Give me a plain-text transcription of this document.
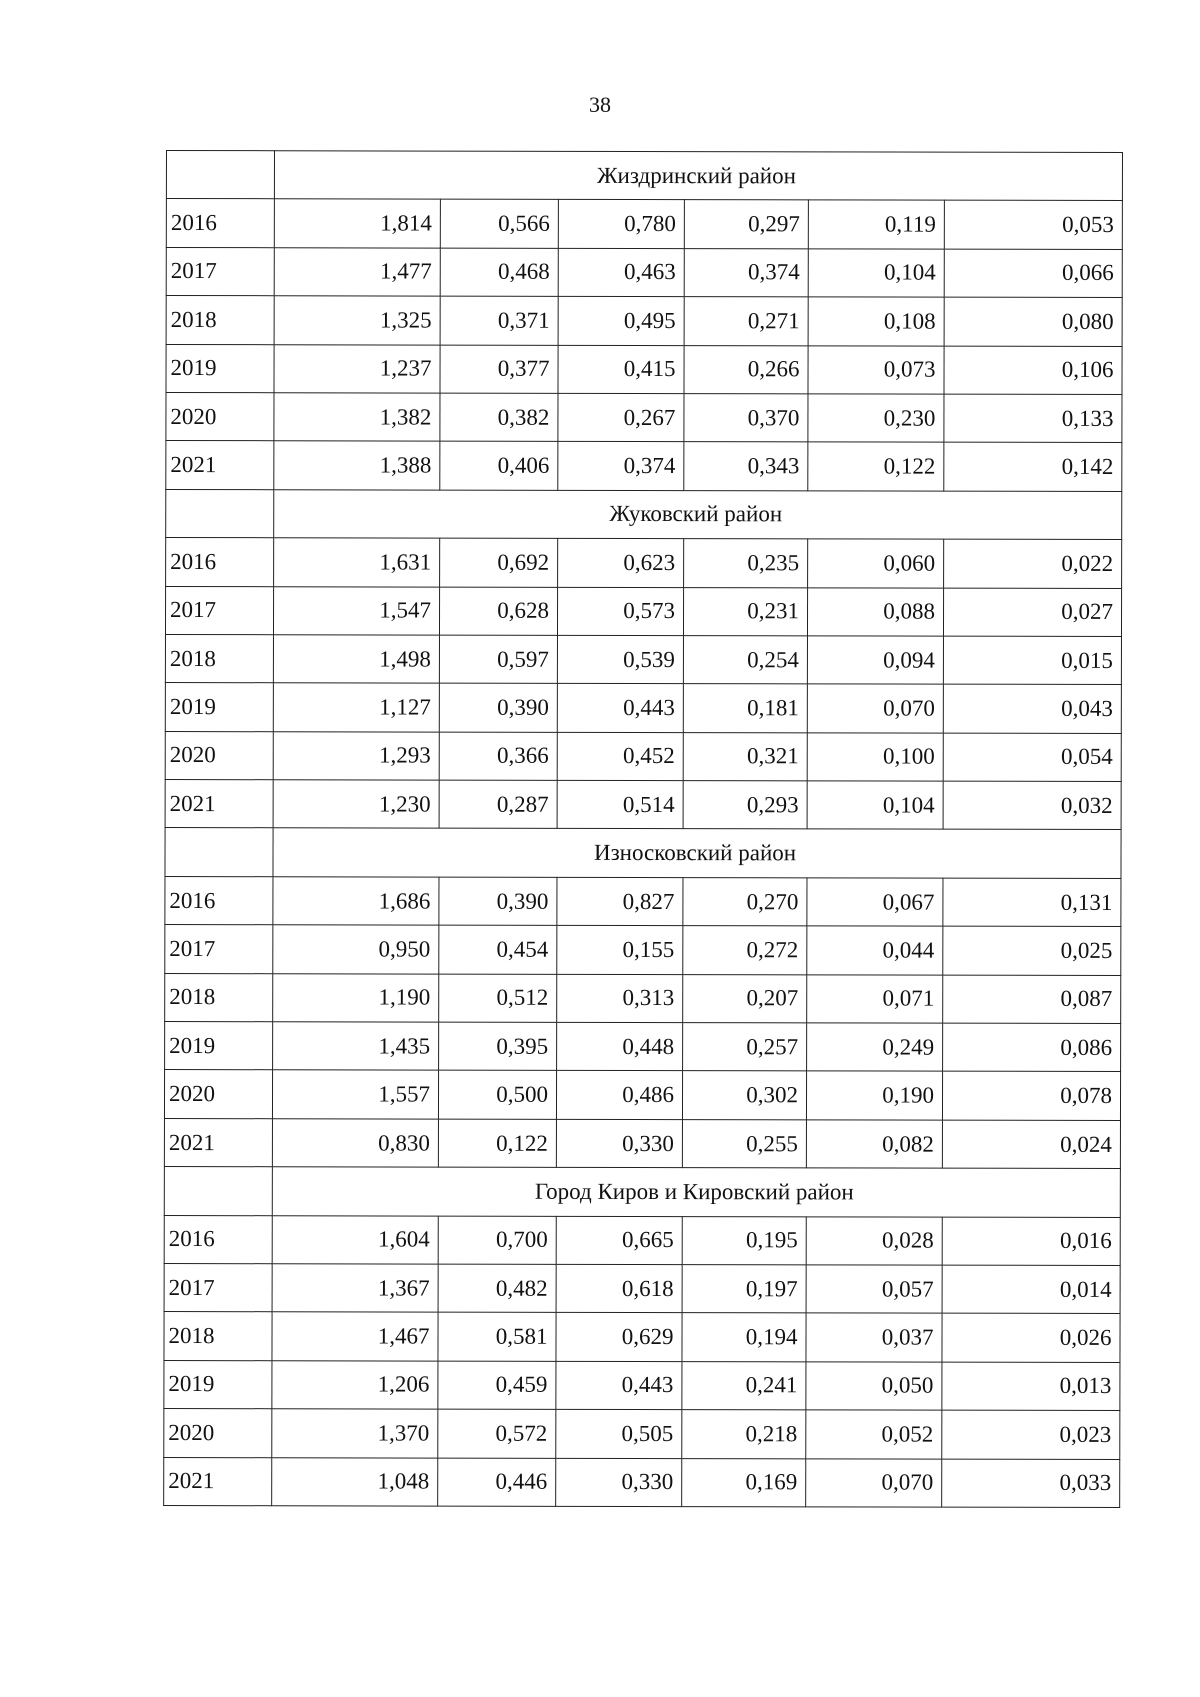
38
	Жиздринский район					
2016	1,814	0,566	0,780	0,297	0,119	0,053
2017	1,477	0,468	0,463	0,374	0,104	0,066
2018	1,325	0,371	0,495	0,271	0,108	0,080
2019	1,237	0,377	0,415	0,266	0,073	0,106
2020	1,382	0,382	0,267	0,370	0,230	0,133
2021	1,388	0,406	0,374	0,343	0,122	0,142
	Жуковский район					
2016	1,631	0,692	0,623	0,235	0,060	0,022
2017	1,547	0,628	0,573	0,231	0,088	0,027
2018	1,498	0,597	0,539	0,254	0,094	0,015
2019	1,127	0,390	0,443	0,181	0,070	0,043
2020	1,293	0,366	0,452	0,321	0,100	0,054
2021	1,230	0,287	0,514	0,293	0,104	0,032
	Износковский район					
2016	1,686	0,390	0,827	0,270	0,067	0,131
2017	0,950	0,454	0,155	0,272	0,044	0,025
2018	1,190	0,512	0,313	0,207	0,071	0,087
2019	1,435	0,395	0,448	0,257	0,249	0,086
2020	1,557	0,500	0,486	0,302	0,190	0,078
2021	0,830	0,122	0,330	0,255	0,082	0,024
	Город Киров и Кировский район					
2016	1,604	0,700	0,665	0,195	0,028	0,016
2017	1,367	0,482	0,618	0,197	0,057	0,014
2018	1,467	0,581	0,629	0,194	0,037	0,026
2019	1,206	0,459	0,443	0,241	0,050	0,013
2020	1,370	0,572	0,505	0,218	0,052	0,023
2021	1,048	0,446	0,330	0,169	0,070	0,033
